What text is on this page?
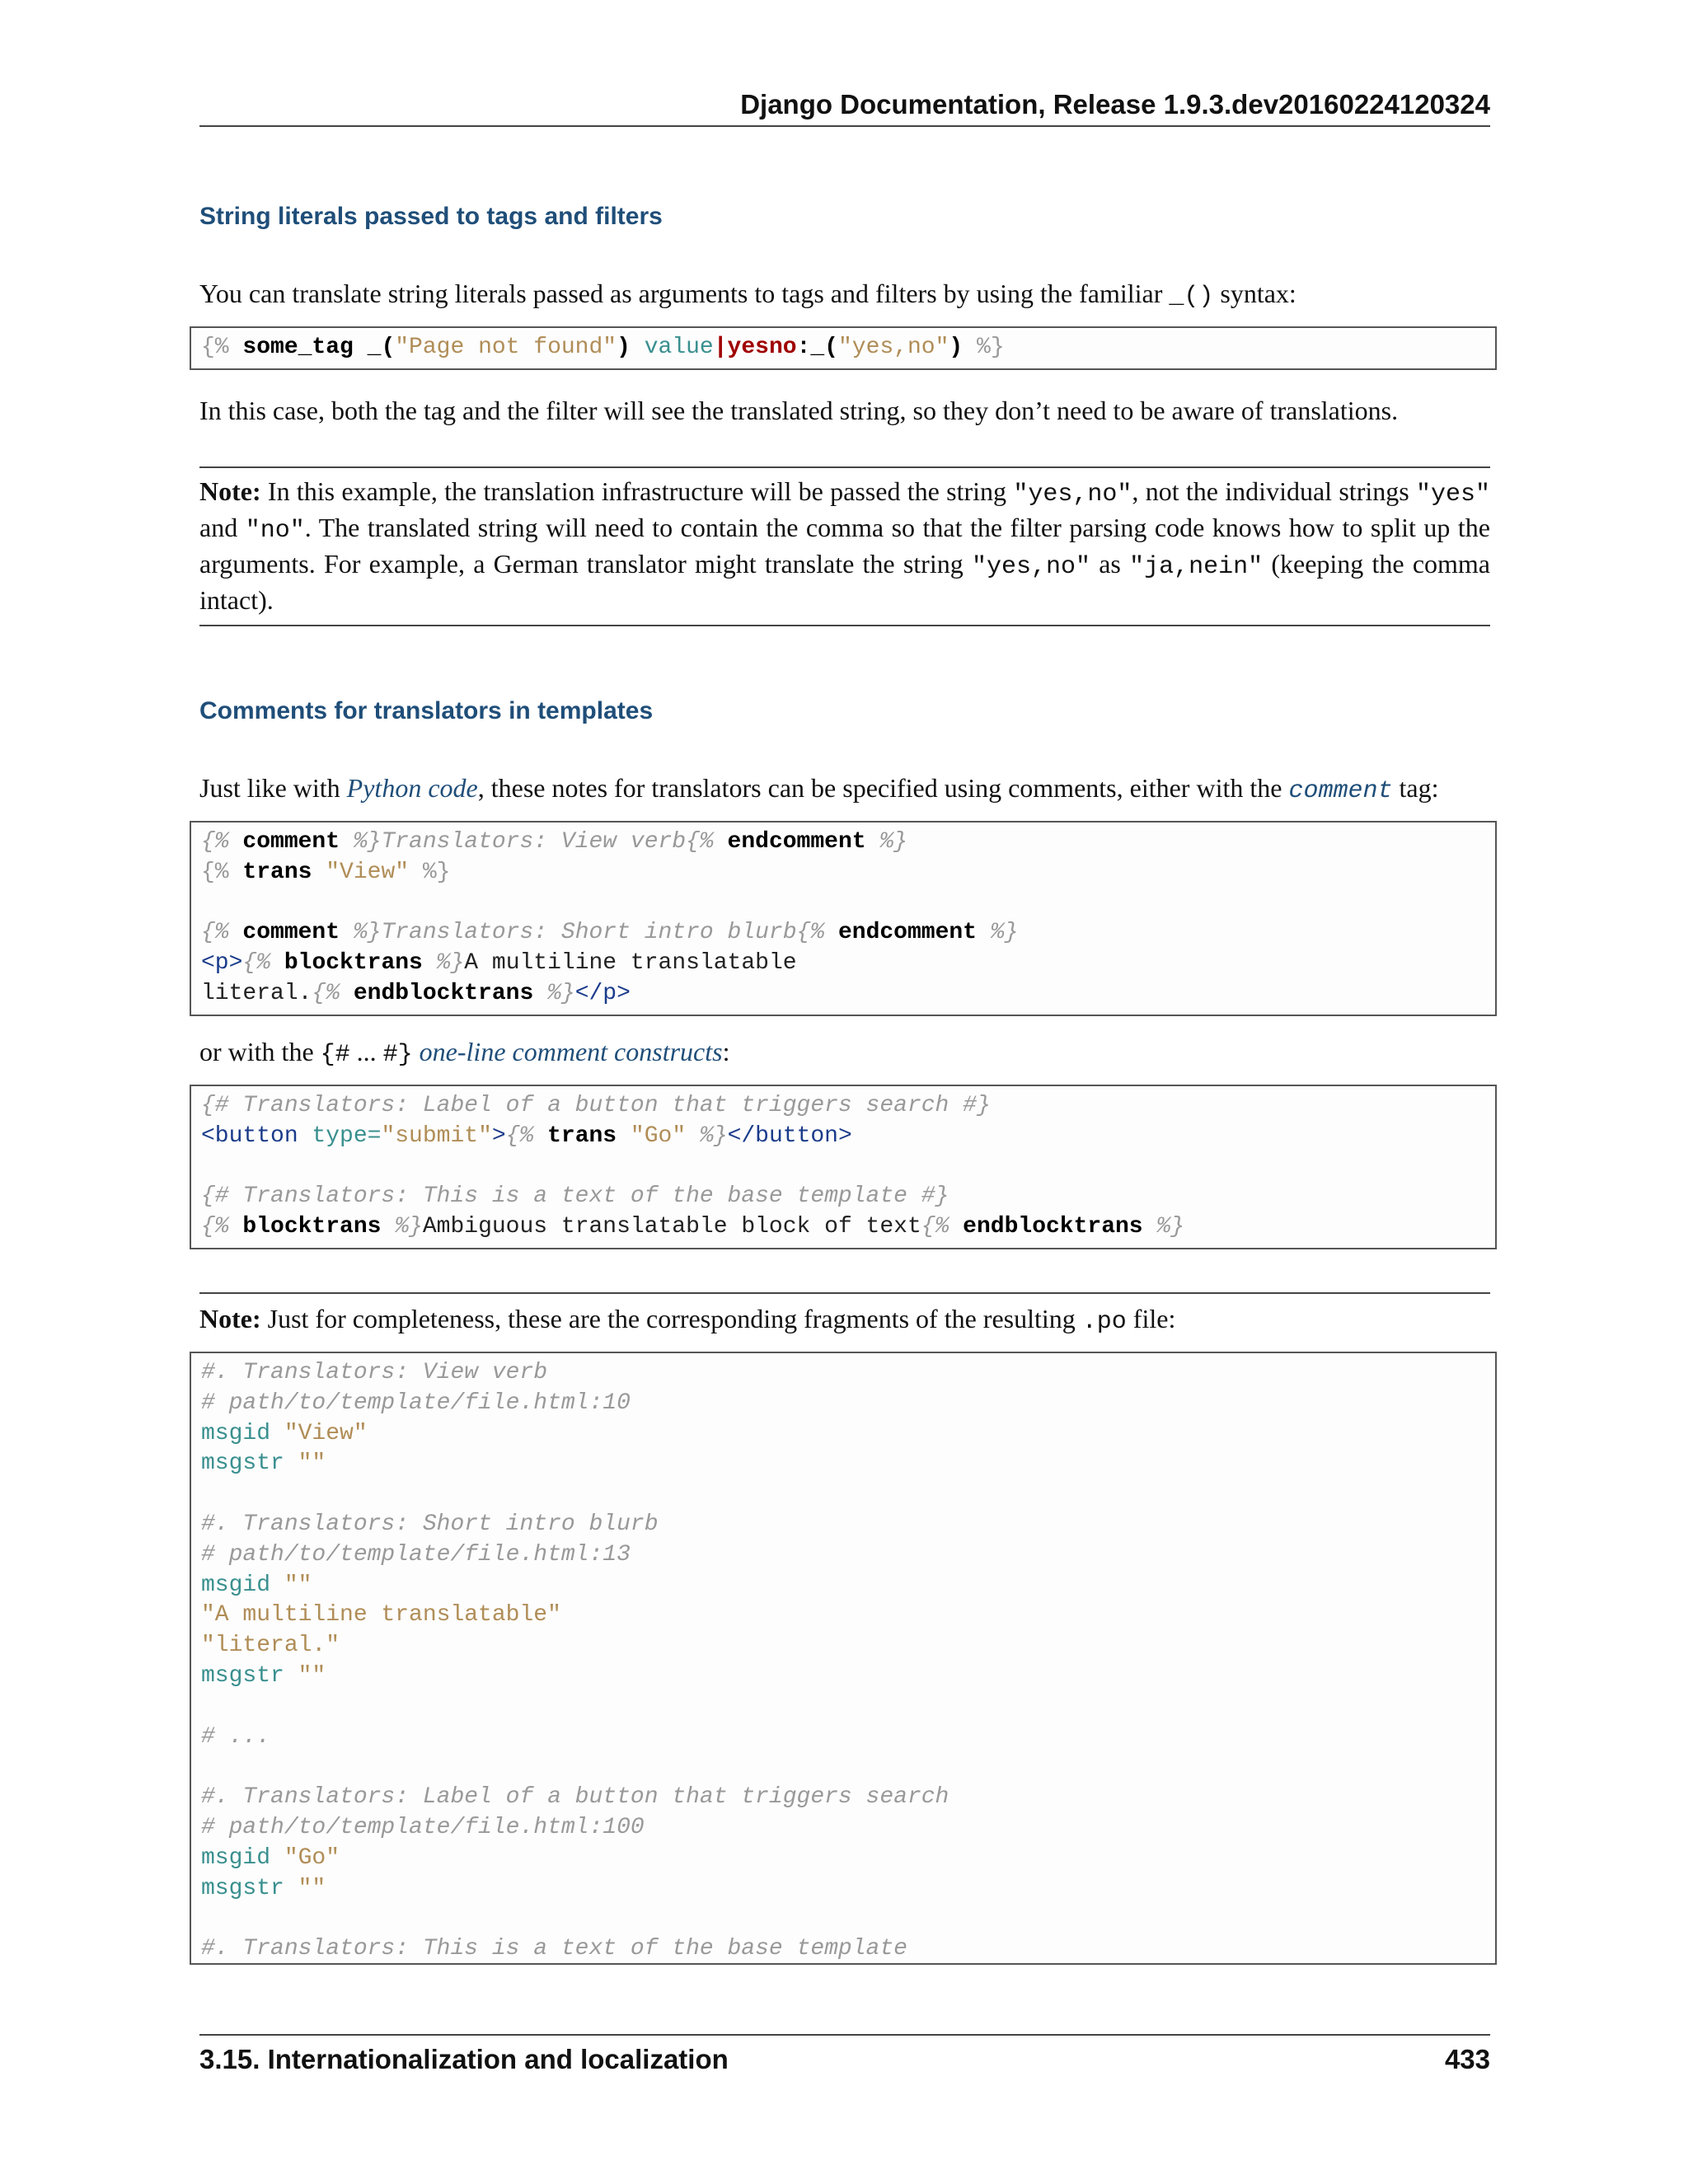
Django Documentation, Release 1.9.3.dev20160224120324
String literals passed to tags and filters

You can translate string literals passed as arguments to tags and filters by using the familiar _() syntax:

{% some_tag _("Page not found") value|yesno:_("yes,no") %}

In this case, both the tag and the filter will see the translated string, so they don’t need to be aware of translations.

Note: In this example, the translation infrastructure will be passed the string "yes,no", not the individual strings "yes" and "no". The translated string will need to contain the comma so that the filter parsing code knows how to split up the arguments. For example, a German translator might translate the string "yes,no" as "ja,nein" (keeping the comma intact).
Comments for translators in templates

Just like with Python code, these notes for translators can be specified using comments, either with the comment tag:

{% comment %}Translators: View verb{% endcomment %}
{% trans "View" %}
{% comment %}Translators: Short intro blurb{% endcomment %}
<p>{% blocktrans %}A multiline translatable
literal.{% endblocktrans %}</p>

or with the {# ... #} one-line comment constructs:

{# Translators: Label of a button that triggers search #}
<button type="submit">{% trans "Go" %}</button>
{# Translators: This is a text of the base template #}
{% blocktrans %}Ambiguous translatable block of text{% endblocktrans %}
Note: Just for completeness, these are the corresponding fragments of the resulting .po file:
#. Translators: View verb
# path/to/template/file.html:10
msgid "View"
msgstr ""
#. Translators: Short intro blurb
# path/to/template/file.html:13
msgid ""
"A multiline translatable"
"literal."
msgstr ""
# ...
#. Translators: Label of a button that triggers search
# path/to/template/file.html:100
msgid "Go"
msgstr ""
#. Translators: This is a text of the base template
3.15. Internationalization and localization	433
